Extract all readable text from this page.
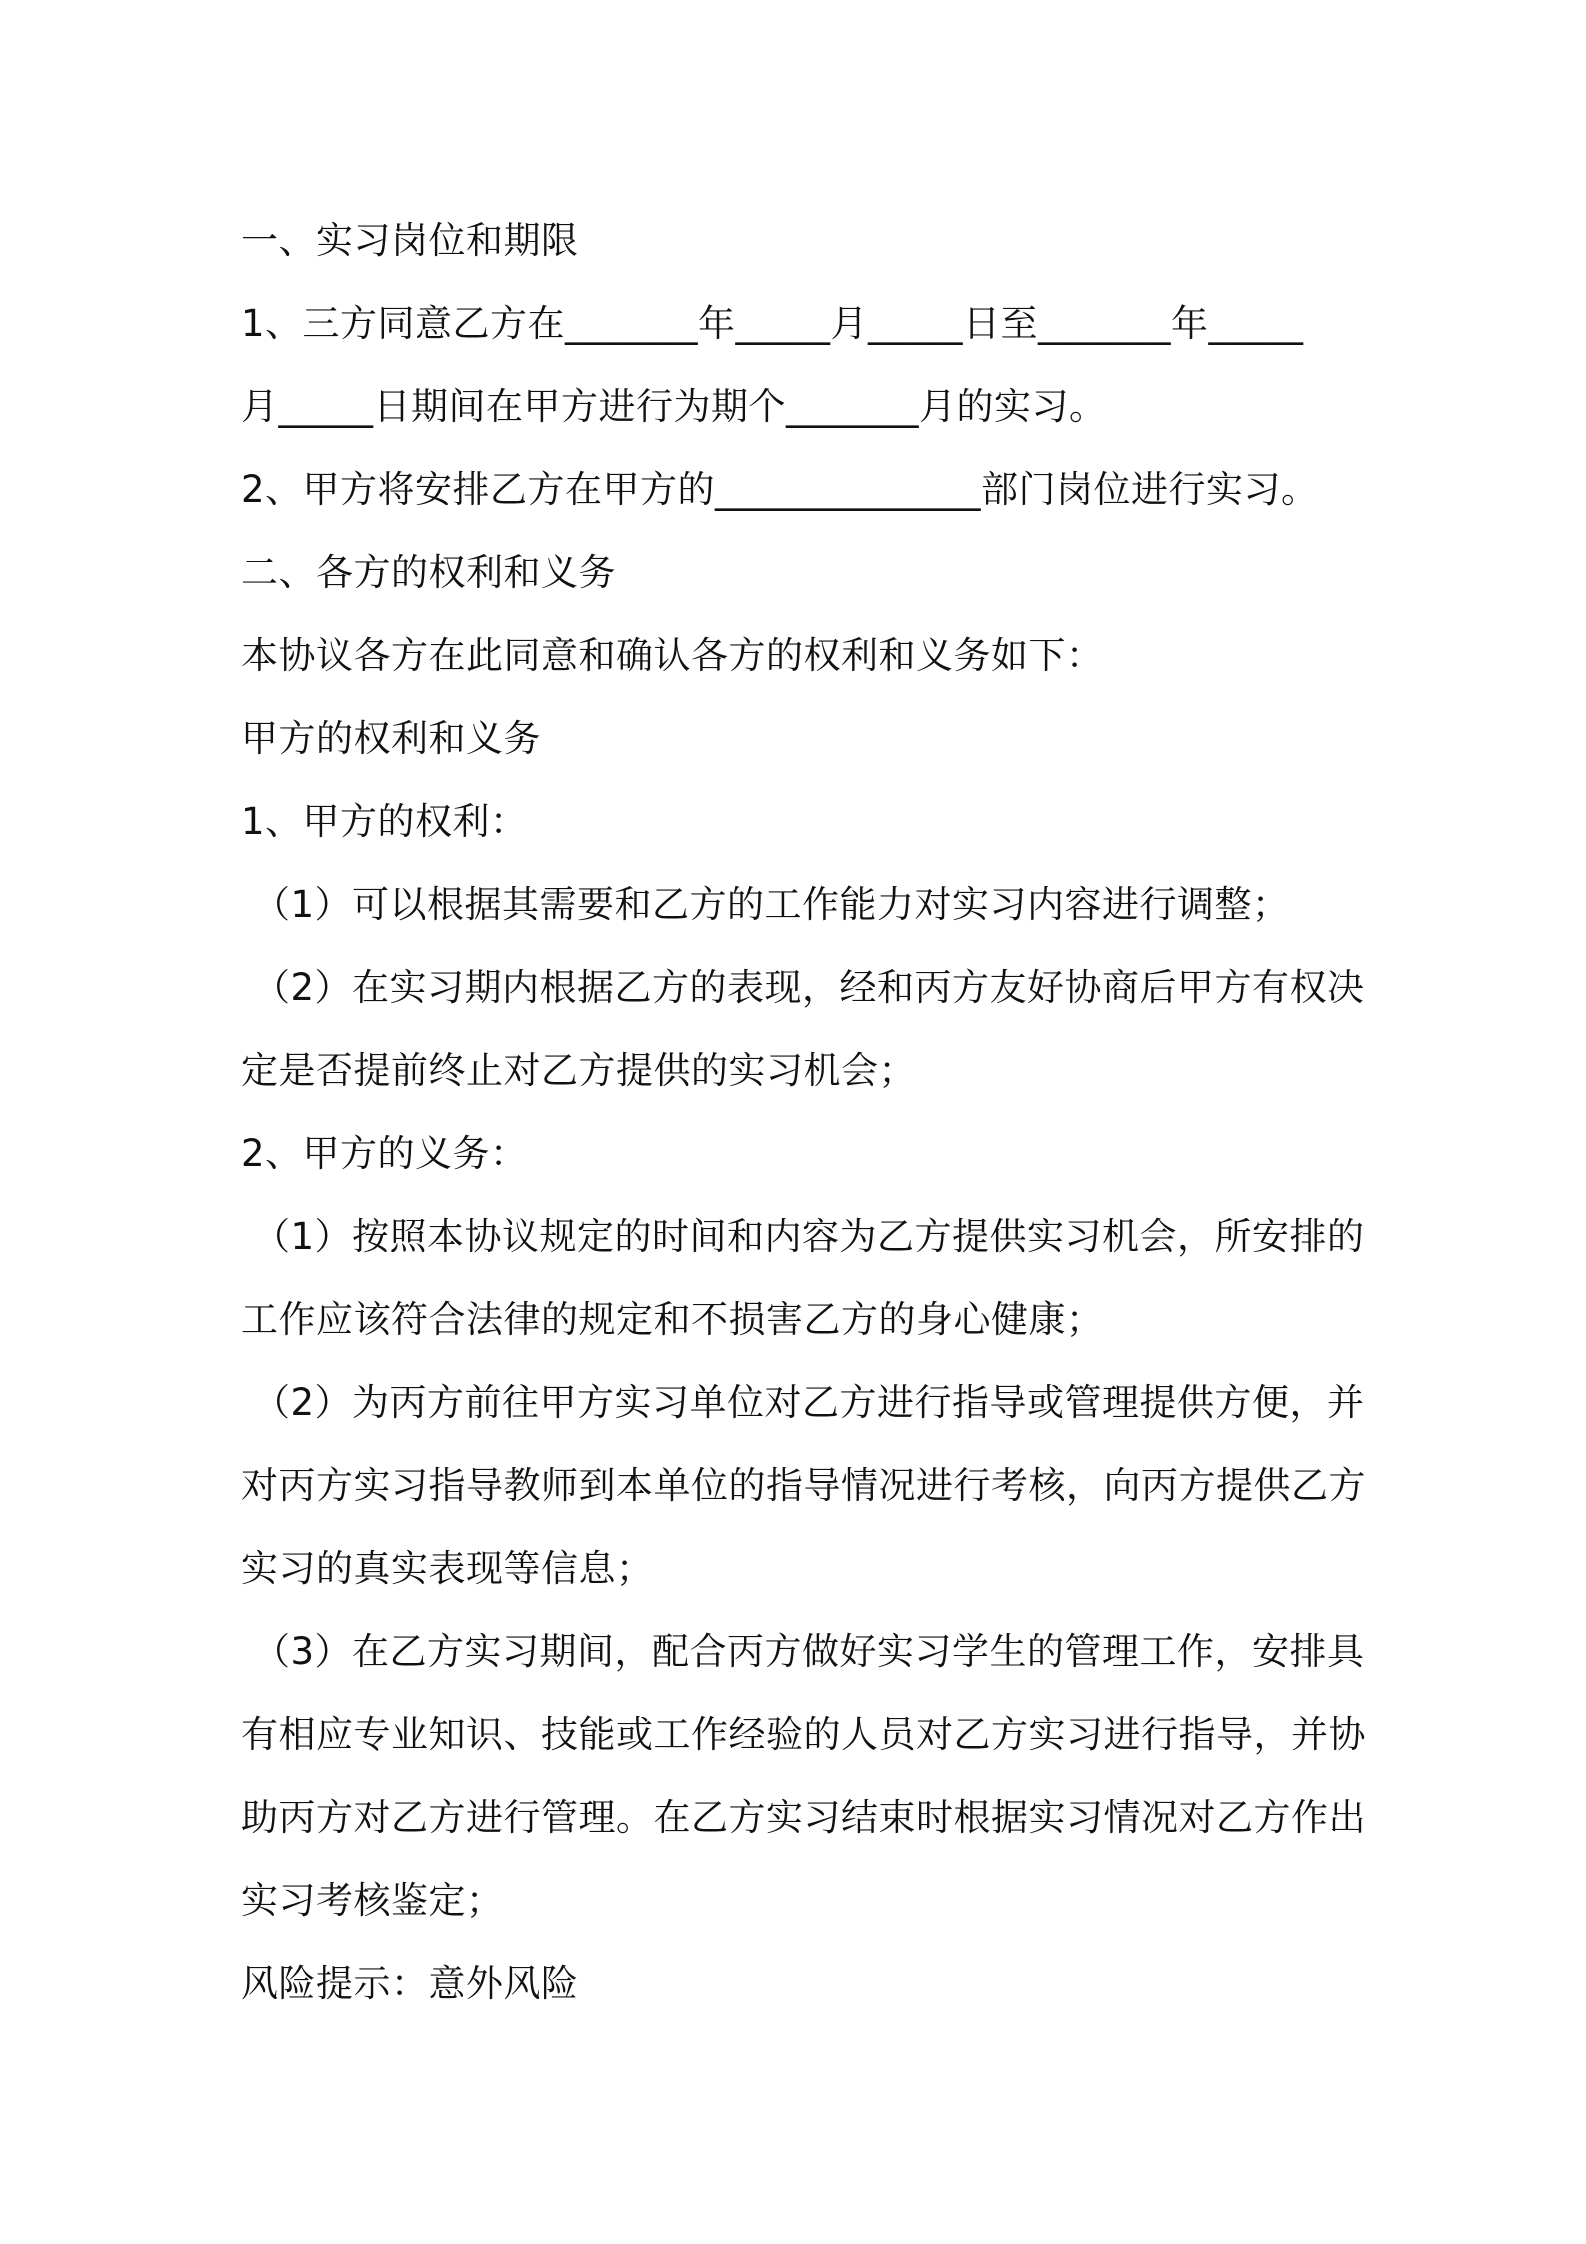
一、实习岗位和期限
1、三方同意乙方在_______年_____月_____日至_______年_____
月_____日期间在甲方进行为期个_______月的实习。
2、甲方将安排乙方在甲方的______________部门岗位进行实习。
二、各方的权利和义务
本协议各方在此同意和确认各方的权利和义务如下：
甲方的权利和义务
1、甲方的权利：
（1）可以根据其需要和乙方的工作能力对实习内容进行调整；
（2）在实习期内根据乙方的表现，经和丙方友好协商后甲方有权决
定是否提前终止对乙方提供的实习机会；
2、甲方的义务：
（1）按照本协议规定的时间和内容为乙方提供实习机会，所安排的
工作应该符合法律的规定和不损害乙方的身心健康；
（2）为丙方前往甲方实习单位对乙方进行指导或管理提供方便，并
对丙方实习指导教师到本单位的指导情况进行考核，向丙方提供乙方
实习的真实表现等信息；
（3）在乙方实习期间，配合丙方做好实习学生的管理工作，安排具
有相应专业知识、技能或工作经验的人员对乙方实习进行指导，并协
助丙方对乙方进行管理。在乙方实习结束时根据实习情况对乙方作出
实习考核鉴定；
风险提示：意外风险
